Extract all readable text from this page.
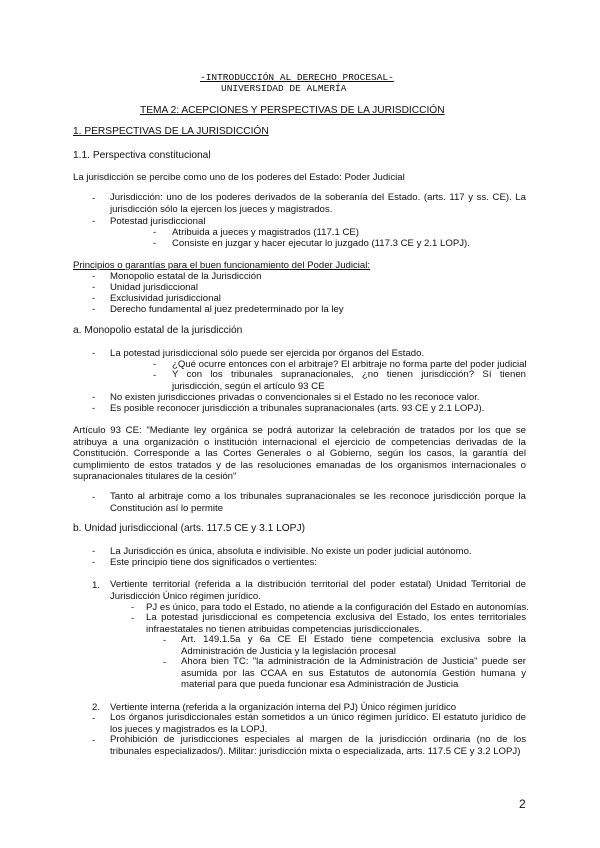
-INTRODUCCIÓN AL DERECHO PROCESAL-
UNIVERSIDAD DE ALMERÍA
TEMA 2: ACEPCIONES Y PERSPECTIVAS DE LA JURISDICCIÓN
1. PERSPECTIVAS DE LA JURISDICCIÓN
1.1. Perspectiva constitucional
La jurisdicción se percibe como uno de los poderes del Estado: Poder Judicial
- Jurisdicción: uno de los poderes derivados de la soberanía del Estado. (arts. 117 y ss. CE). La jurisdicción sólo la ejercen los jueces y magistrados.
- Potestad jurisdiccional
- Atribuida a jueces y magistrados (117.1 CE)
- Consiste en juzgar y hacer ejecutar lo juzgado (117.3 CE y 2.1 LOPJ).
Principios o garantías para el buen funcionamiento del Poder Judicial:
- Monopolio estatal de la Jurisdicción
- Unidad jurisdiccional
- Exclusividad jurisdiccional
- Derecho fundamental al juez predeterminado por la ley
a. Monopolio estatal de la jurisdicción
- La potestad jurisdiccional sólo puede ser ejercida por órganos del Estado.
- ¿Qué ocurre entonces con el arbitraje? El arbitraje no forma parte del poder judicial
- Y con los tribunales supranacionales, ¿no tienen jurisdicción? Sí tienen jurisdicción, según el artículo 93 CE
- No existen jurisdicciones privadas o convencionales si el Estado no les reconoce valor.
- Es posible reconocer jurisdicción a tribunales supranacionales (arts. 93 CE y 2.1 LOPJ).
Artículo 93 CE: "Mediante ley orgánica se podrá autorizar la celebración de tratados por los que se atribuya a una organización o institución internacional el ejercicio de competencias derivadas de la Constitución. Corresponde a las Cortes Generales o al Gobierno, según los casos, la garantía del cumplimiento de estos tratados y de las resoluciones emanadas de los organismos internacionales o supranacionales titulares de la cesión"
- Tanto al arbitraje como a los tribunales supranacionales se les reconoce jurisdicción porque la Constitución así lo permite
b. Unidad jurisdiccional (arts. 117.5 CE y 3.1 LOPJ)
- La Jurisdicción es única, absoluta e indivisible. No existe un poder judicial autónomo.
- Este principio tiene dos significados o vertientes:
1. Vertiente territorial (referida a la distribución territorial del poder estatal) Unidad Territorial de Jurisdicción Único régimen jurídico.
- PJ es único, para todo el Estado, no atiende a la configuración del Estado en autonomías.
- La potestad jurisdiccional es competencia exclusiva del Estado, los entes territoriales infraestatales no tienen atribuidas competencias jurisdiccionales.
- Art. 149.1.5a y 6a CE El Estado tiene competencia exclusiva sobre la Administración de Justicia y la legislación procesal
- Ahora bien TC: "la administración de la Administración de Justicia" puede ser asumida por las CCAA en sus Estatutos de autonomía Gestión humana y material para que pueda funcionar esa Administración de Justicia
2. Vertiente interna (referida a la organización interna del PJ) Único régimen jurídico
- Los órganos jurisdiccionales están sometidos a un único régimen jurídico. El estatuto jurídico de los jueces y magistrados es la LOPJ.
- Prohibición de jurisdicciones especiales al margen de la jurisdicción ordinaria (no de los tribunales especializados/). Militar: jurisdicción mixta o especializada, arts. 117.5 CE y 3.2 LOPJ)
2
